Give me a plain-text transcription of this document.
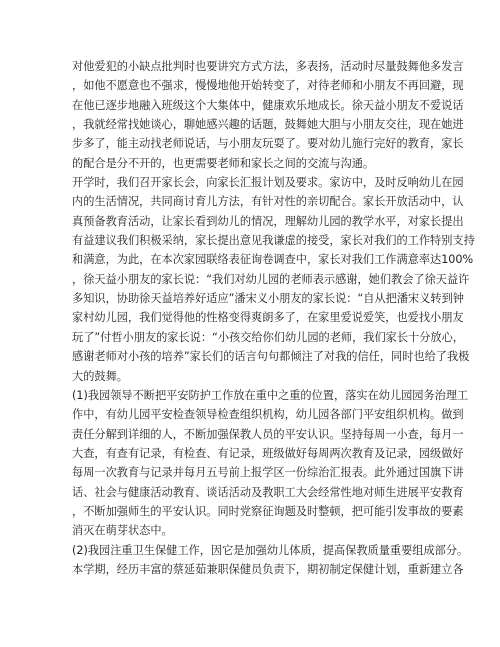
对他爱犯的小缺点批判时也要讲究方式方法，多表扬，活动时尽量鼓舞他多发言
，如他不愿意也不强求，慢慢地他开始转变了，对待老师和小朋友不再回避，现
在他已逐步地融入班级这个大集体中，健康欢乐地成长。徐天益小朋友不爱说话
，我就经常找她谈心，聊她感兴趣的话题，鼓舞她大胆与小朋友交往，现在她进
步多了，能主动找老师说话，与小朋友玩耍了。要对幼儿施行完好的教育，家长
的配合是分不开的，也更需要老师和家长之间的交流与沟通。

开学时，我们召开家长会，向家长汇报计划及要求。家访中，及时反响幼儿在园
内的生活情况，共同商讨育儿方法，有针对性的亲切配合。家长开放活动中，认
真预备教育活动，让家长看到幼儿的情况，理解幼儿园的教学水平，对家长提出
有益建议我们积极采纳，家长提出意见我谦虚的接受，家长对我们的工作特别支持
和满意，为此，在本次家园联络表征询卷调查中，家长对我们工作满意率达100%
，徐天益小朋友的家长说：“我们对幼儿园的老师表示感谢，她们教会了徐天益许
多知识，协助徐天益培养好适应”潘宋义小朋友的家长说：“自从把潘宋义转到钟
家村幼儿园，我们觉得他的性格变得爽朗多了，在家里爱说爱笑，也爱找小朋友
玩了”付哲小朋友的家长说：“小孩交给你们幼儿园的老师，我们家长十分放心，
感谢老师对小孩的培养”家长们的话言句句都倾注了对我的信任，同时也给了我极
大的鼓舞。

(1)我园领导不断把平安防护工作放在重中之重的位置，落实在幼儿园园务治理工
作中，有幼儿园平安检查领导检查组织机构，幼儿园各部门平安组织机构。做到
责任分解到详细的人，不断加强保教人员的平安认识。坚持每周一小查，每月一
大查，有查有记录，有检查、有记录，班级做好每周两次教育及记录，园级做好
每周一次教育与记录并每月五号前上报学区一份综治汇报表。此外通过国旗下讲
话、社会与健康活动教育、谈话活动及教职工大会经常性地对师生进展平安教育
，不断加强师生的平安认识。同时党察征询题及时整顿，把可能引发事故的要素
消灭在萌芽状态中。

(2)我园注重卫生保健工作，因它是加强幼儿体质，提高保教质量重要组成部分。
本学期，经历丰富的蔡延茹兼职保健员负责下，期初制定保健计划，重新建立各
